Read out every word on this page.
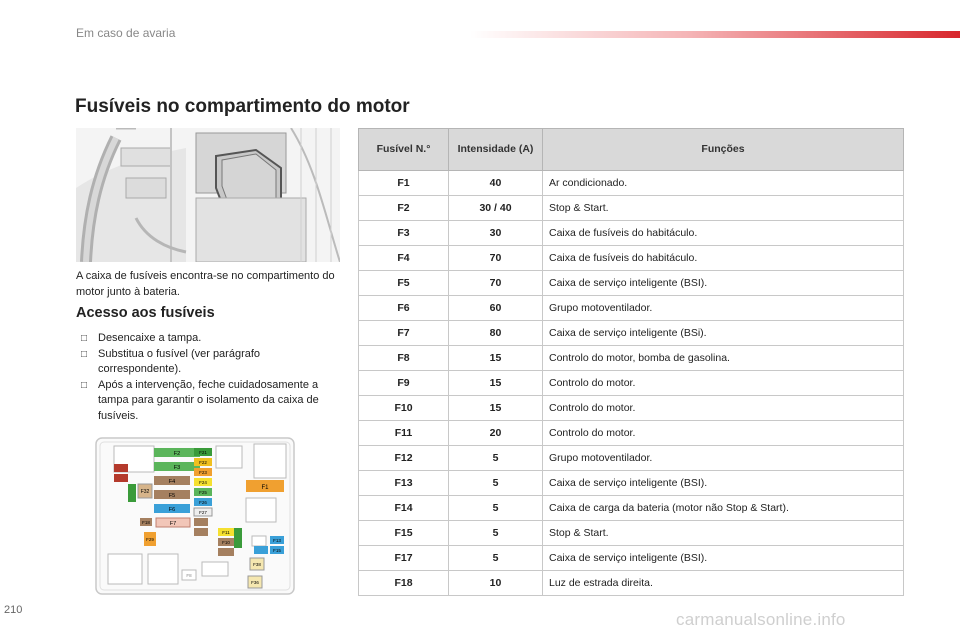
Em caso de avaria
Fusíveis no compartimento do motor

A caixa de fusíveis encontra-se no compartimento do motor junto à bateria.

Acesso aos fusíveis
□ Desencaixe a tampa.
□ Substitua o fusível (ver parágrafo correspondente).
□ Após a intervenção, feche cuidadosamente a tampa para garantir o isolamento da caixa de fusíveis.
F32
F2
F3
F4
F5
F6
F18	F7
F21
F22
F23
F24
F25
F26
F27
F11
F10	F13
F15
F38
F36
F1
F29
F8
Fusível N.°	Intensidade (A)	Funções
F1	40	Ar condicionado.
F2	30 / 40	Stop & Start.
F3	30	Caixa de fusíveis do habitáculo.
F4	70	Caixa de fusíveis do habitáculo.
F5	70	Caixa de serviço inteligente (BSI).
F6	60	Grupo motoventilador.
F7	80	Caixa de serviço inteligente (BSi).
F8	15	Controlo do motor, bomba de gasolina.
F9	15	Controlo do motor.
F10	15	Controlo do motor.
F11	20	Controlo do motor.
F12	5	Grupo motoventilador.
F13	5	Caixa de serviço inteligente (BSI).
F14	5	Caixa de carga da bateria (motor não Stop & Start).
F15	5	Stop & Start.
F17	5	Caixa de serviço inteligente (BSI).
F18	10	Luz de estrada direita.
210	carmanualsonline.info
